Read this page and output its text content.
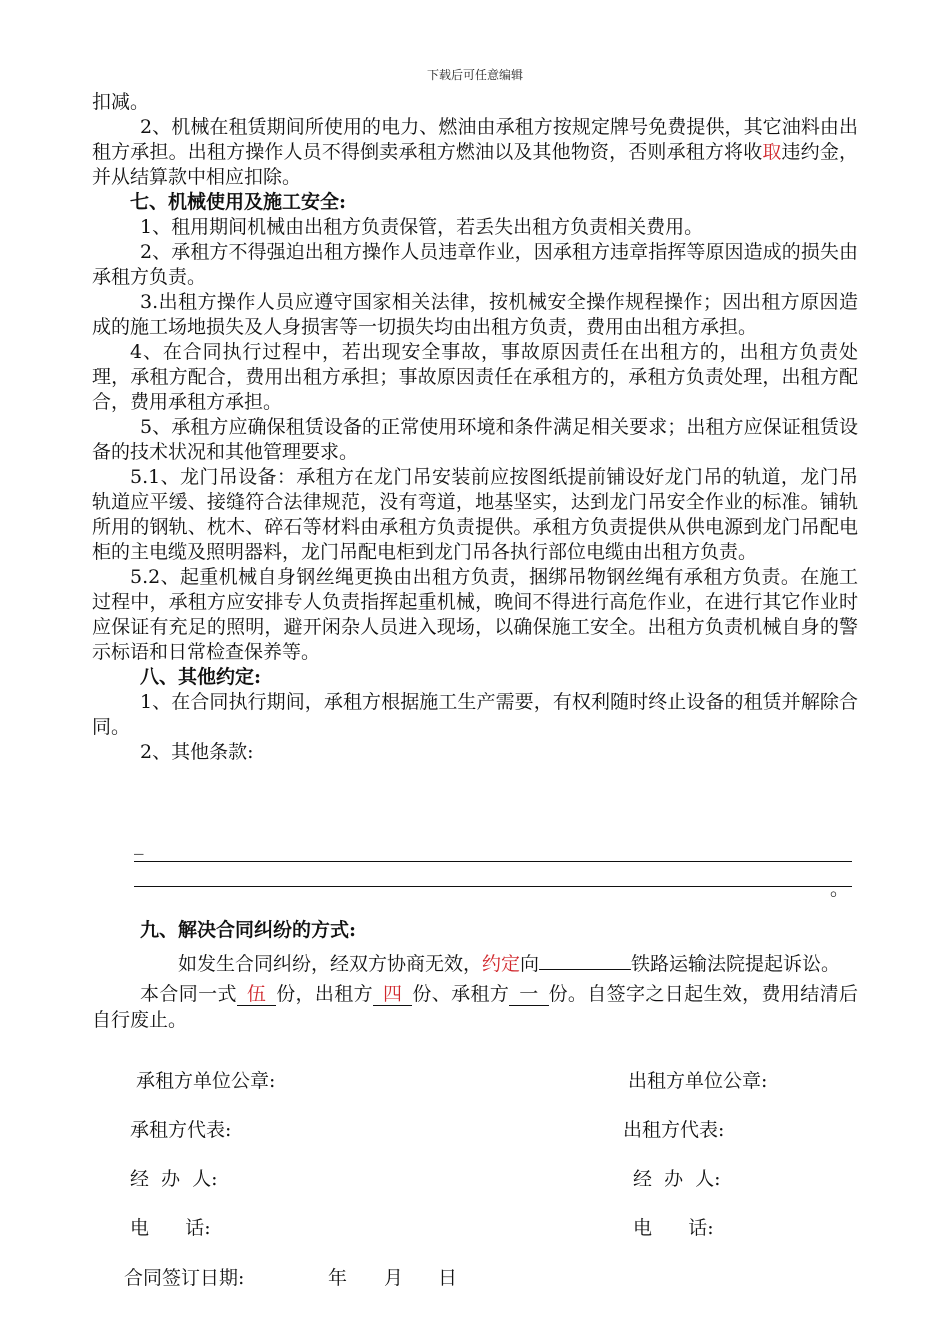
下载后可任意编辑

扣减。

2、机械在租赁期间所使用的电力、燃油由承租方按规定牌号免费提供，其它油料由出租方承担。出租方操作人员不得倒卖承租方燃油以及其他物资，否则承租方将收取违约金，并从结算款中相应扣除。

七、机械使用及施工安全:

1、租用期间机械由出租方负责保管，若丢失出租方负责相关费用。

2、承租方不得强迫出租方操作人员违章作业，因承租方违章指挥等原因造成的损失由承租方负责。

3.出租方操作人员应遵守国家相关法律，按机械安全操作规程操作；因出租方原因造成的施工场地损失及人身损害等一切损失均由出租方负责，费用由出租方承担。

4、在合同执行过程中，若出现安全事故，事故原因责任在出租方的，出租方负责处理，承租方配合，费用出租方承担；事故原因责任在承租方的，承租方负责处理，出租方配合，费用承租方承担。

5、承租方应确保租赁设备的正常使用环境和条件满足相关要求；出租方应保证租赁设备的技术状况和其他管理要求。

5.1、龙门吊设备：承租方在龙门吊安装前应按图纸提前铺设好龙门吊的轨道，龙门吊轨道应平缓、接缝符合法律规范，没有弯道，地基坚实，达到龙门吊安全作业的标准。铺轨所用的钢轨、枕木、碎石等材料由承租方负责提供。承租方负责提供从供电源到龙门吊配电柜的主电缆及照明器料，龙门吊配电柜到龙门吊各执行部位电缆由出租方负责。

5.2、起重机械自身钢丝绳更换由出租方负责，捆绑吊物钢丝绳有承租方负责。在施工过程中，承租方应安排专人负责指挥起重机械，晚间不得进行高危作业，在进行其它作业时应保证有充足的照明，避开闲杂人员进入现场，以确保施工安全。出租方负责机械自身的警示标语和日常检查保养等。

八、其他约定:

1、在合同执行期间，承租方根据施工生产需要，有权利随时终止设备的租赁并解除合同。

2、其他条款:

_
。

九、解决合同纠纷的方式:

如发生合同纠纷，经双方协商无效，约定向	铁路运输法院提起诉讼。

本合同一式 伍 份，出租方 四 份、承租方 一 份。自签字之日起生效，费用结清后自行废止。

承租方单位公章:	出租方单位公章:
承租方代表:	出租方代表:
经  办  人:	经  办  人:
电      话:	电      话:
合同签订日期:	年 月 日
